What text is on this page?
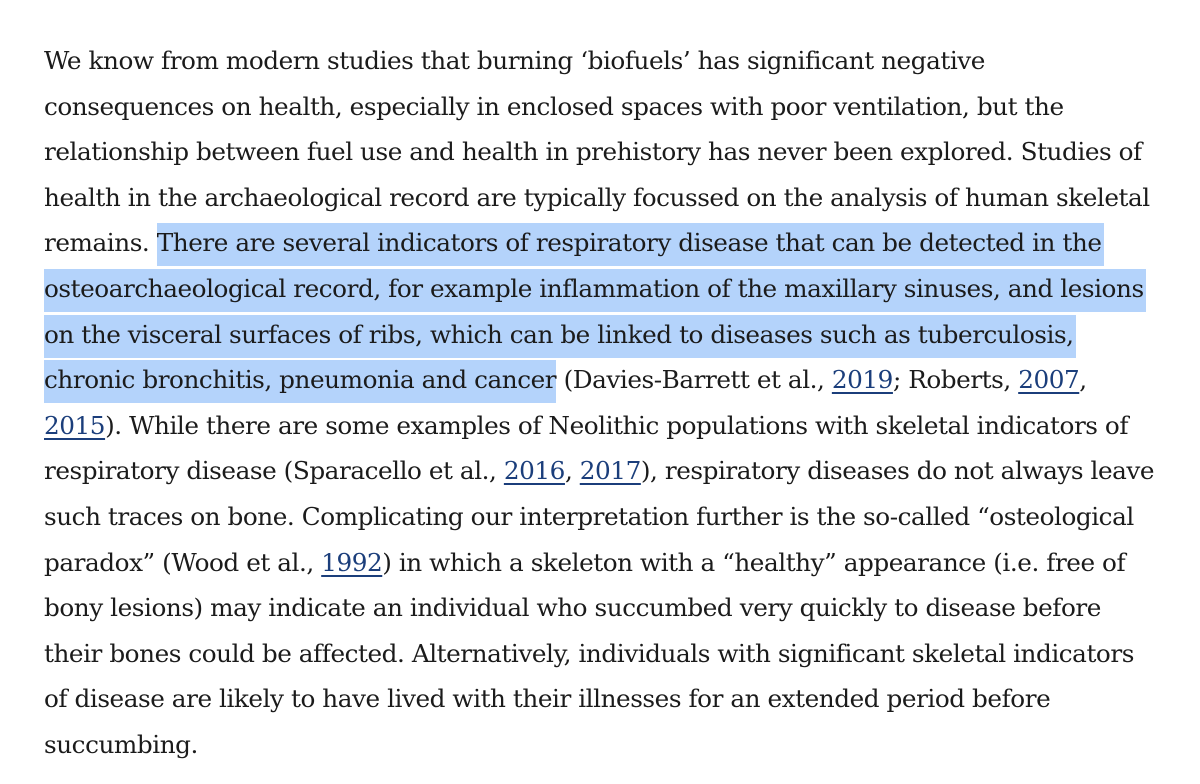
We know from modern studies that burning ‘biofuels’ has significant negative
consequences on health, especially in enclosed spaces with poor ventilation, but the
relationship between fuel use and health in prehistory has never been explored. Studies of
health in the archaeological record are typically focussed on the analysis of human skeletal
remains. There are several indicators of respiratory disease that can be detected in the
osteoarchaeological record, for example inflammation of the maxillary sinuses, and lesions
on the visceral surfaces of ribs, which can be linked to diseases such as tuberculosis,
chronic bronchitis, pneumonia and cancer (Davies-Barrett et al., 2019; Roberts, 2007,
2015). While there are some examples of Neolithic populations with skeletal indicators of
respiratory disease (Sparacello et al., 2016, 2017), respiratory diseases do not always leave
such traces on bone. Complicating our interpretation further is the so-called “osteological
paradox” (Wood et al., 1992) in which a skeleton with a “healthy” appearance (i.e. free of
bony lesions) may indicate an individual who succumbed very quickly to disease before
their bones could be affected. Alternatively, individuals with significant skeletal indicators
of disease are likely to have lived with their illnesses for an extended period before
succumbing.
